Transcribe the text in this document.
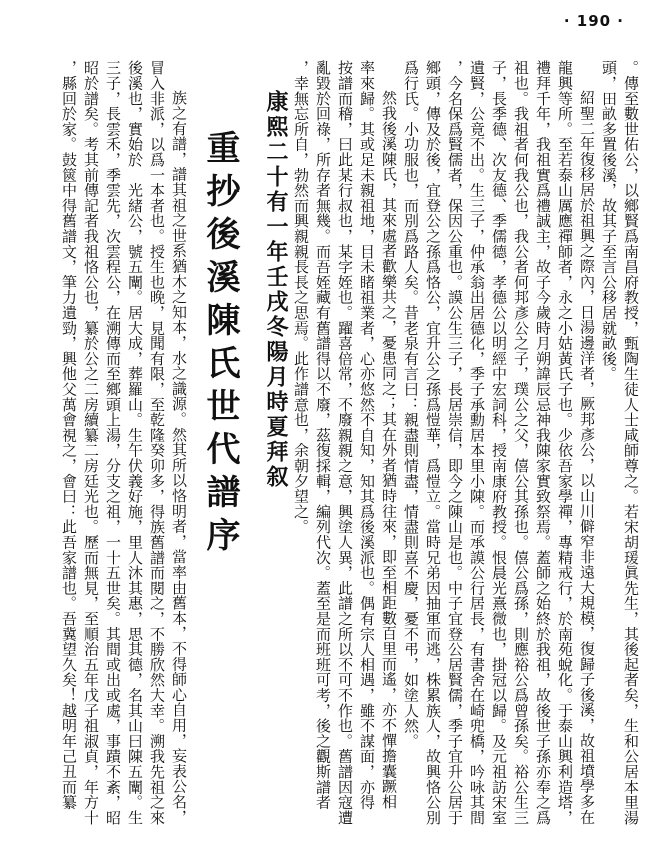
· 190 ·
。傳至數世佑公，以鄉賢爲南昌府教授，甄陶生徒人士咸師尊之。若宋胡瑗眞先生，其後起者矣，生和公居本里湯
頭，田畝多置後溪，故其子至言公移居就畝後。
紹聖二年復移居於祖興之際內，日湯邊洋者，厥邦彥公，以山川僻窄非遠大規模，復歸子後溪，故祖墳學多在
龍興等所。至若泰山厲應禪師者，永之小姑黃氏子也。少依吾家學禪，專精戒行，於南苑蛻化。于泰山興利造塔，
禮拜千年，我祖實爲禮誠主，故子今歲時月朔諱辰忌神我陳家實致祭焉。蓋師之始終於我祖，故後世子孫亦奉之爲
祖也。我祖者何我公也，我公者何邦彥公之子，璞公之父，僖公其孫也。僖公爲孫，則應裕公爲曾孫矣。裕公生三
子，長季德、次友德、季儒德，孝德公以明經中宏詞科，授南康府教授。恨晨光熹微也，掛冠以歸。及元祖訪宋室
遺賢，公竟不出。生三子，仲承翁出居德化，季子承勳居本里小陳。而承謨公行居長，有書舍在崎兜橋，吟咏其間
，今名保爲賢儒者，保因公重也。謨公生三子，長居崇信，即今之陳山是也。中子宜登公居賢儒，季子宜升公居于
鄉頭，傳及於後，宜登公之孫爲恪公，宜升公之孫爲愷華，爲愷立。當時兄弟因抽軍而逃，株累族人，故興恪公別
爲行氏。小功服也，而別爲路人矣。昔老泉有言曰：親盡則情盡，情盡則喜不慶，憂不弔，如塗人然。
然我後溪陳氏，其來處者歡樂共之，憂患同之；其在外者猶時往來，即至相距數百里而遙，亦不憚擔囊蹶相
率來歸。其或足未親祖地，目未睹祖業者，心亦悠然不自知，知其爲後溪派也。偶有宗人相遇，雖不謀面，亦得
按譜而稽，曰此某行叔也，某字姪也。躍喜倍常，不廢親親之意，興塗人異，此譜之所以不可不作也。舊譜因寇遭
亂毀於回祿，所存者無幾。而吾姪藏有舊譜得以不廢，茲復採輯，編列代次。蓋至是而班班可考，後之觀斯譜者
，幸無忘所自，勃然而興親親長長之思焉。此作譜意也，余朝夕望之。
康熙二十有一年壬戌冬陽月時夏拜叙
重抄後溪陳氏世代譜序
族之有譜，譜其祖之世系猶木之知本，水之識源。然其所以恪明者，當率由舊本，不得師心自用，妄表公名，
冒入非派，以爲一本者也。授生也晚，見聞有限，至乾隆癸卯多，得族舊譜而閱之，不勝欣然大幸。溯我先祖之來
後溪也，實始於　光緒公，號五闡。居大成，葬羅山。生午伏義好施，里人沐其惠，思其德，名其山曰陳五闡。生
三子，長雲禾，季雲先，次雲程公，在溯傳而至鄉頭上湯，分支之祖，一十五世矣。其間或出或處，事蹟不紊，昭
昭於譜矣。考其前傳記者我祖恪公也，纂於公之二房續纂二房廷光也。歷而無見，至順治五年戊子祖淑貞，年方十
，縣回於家。鼓篋中得舊譜文，筆力遺勁，興他父萬會視之，會曰：此吾家譜也。吾冀望久矣！越明年己丑而纂
